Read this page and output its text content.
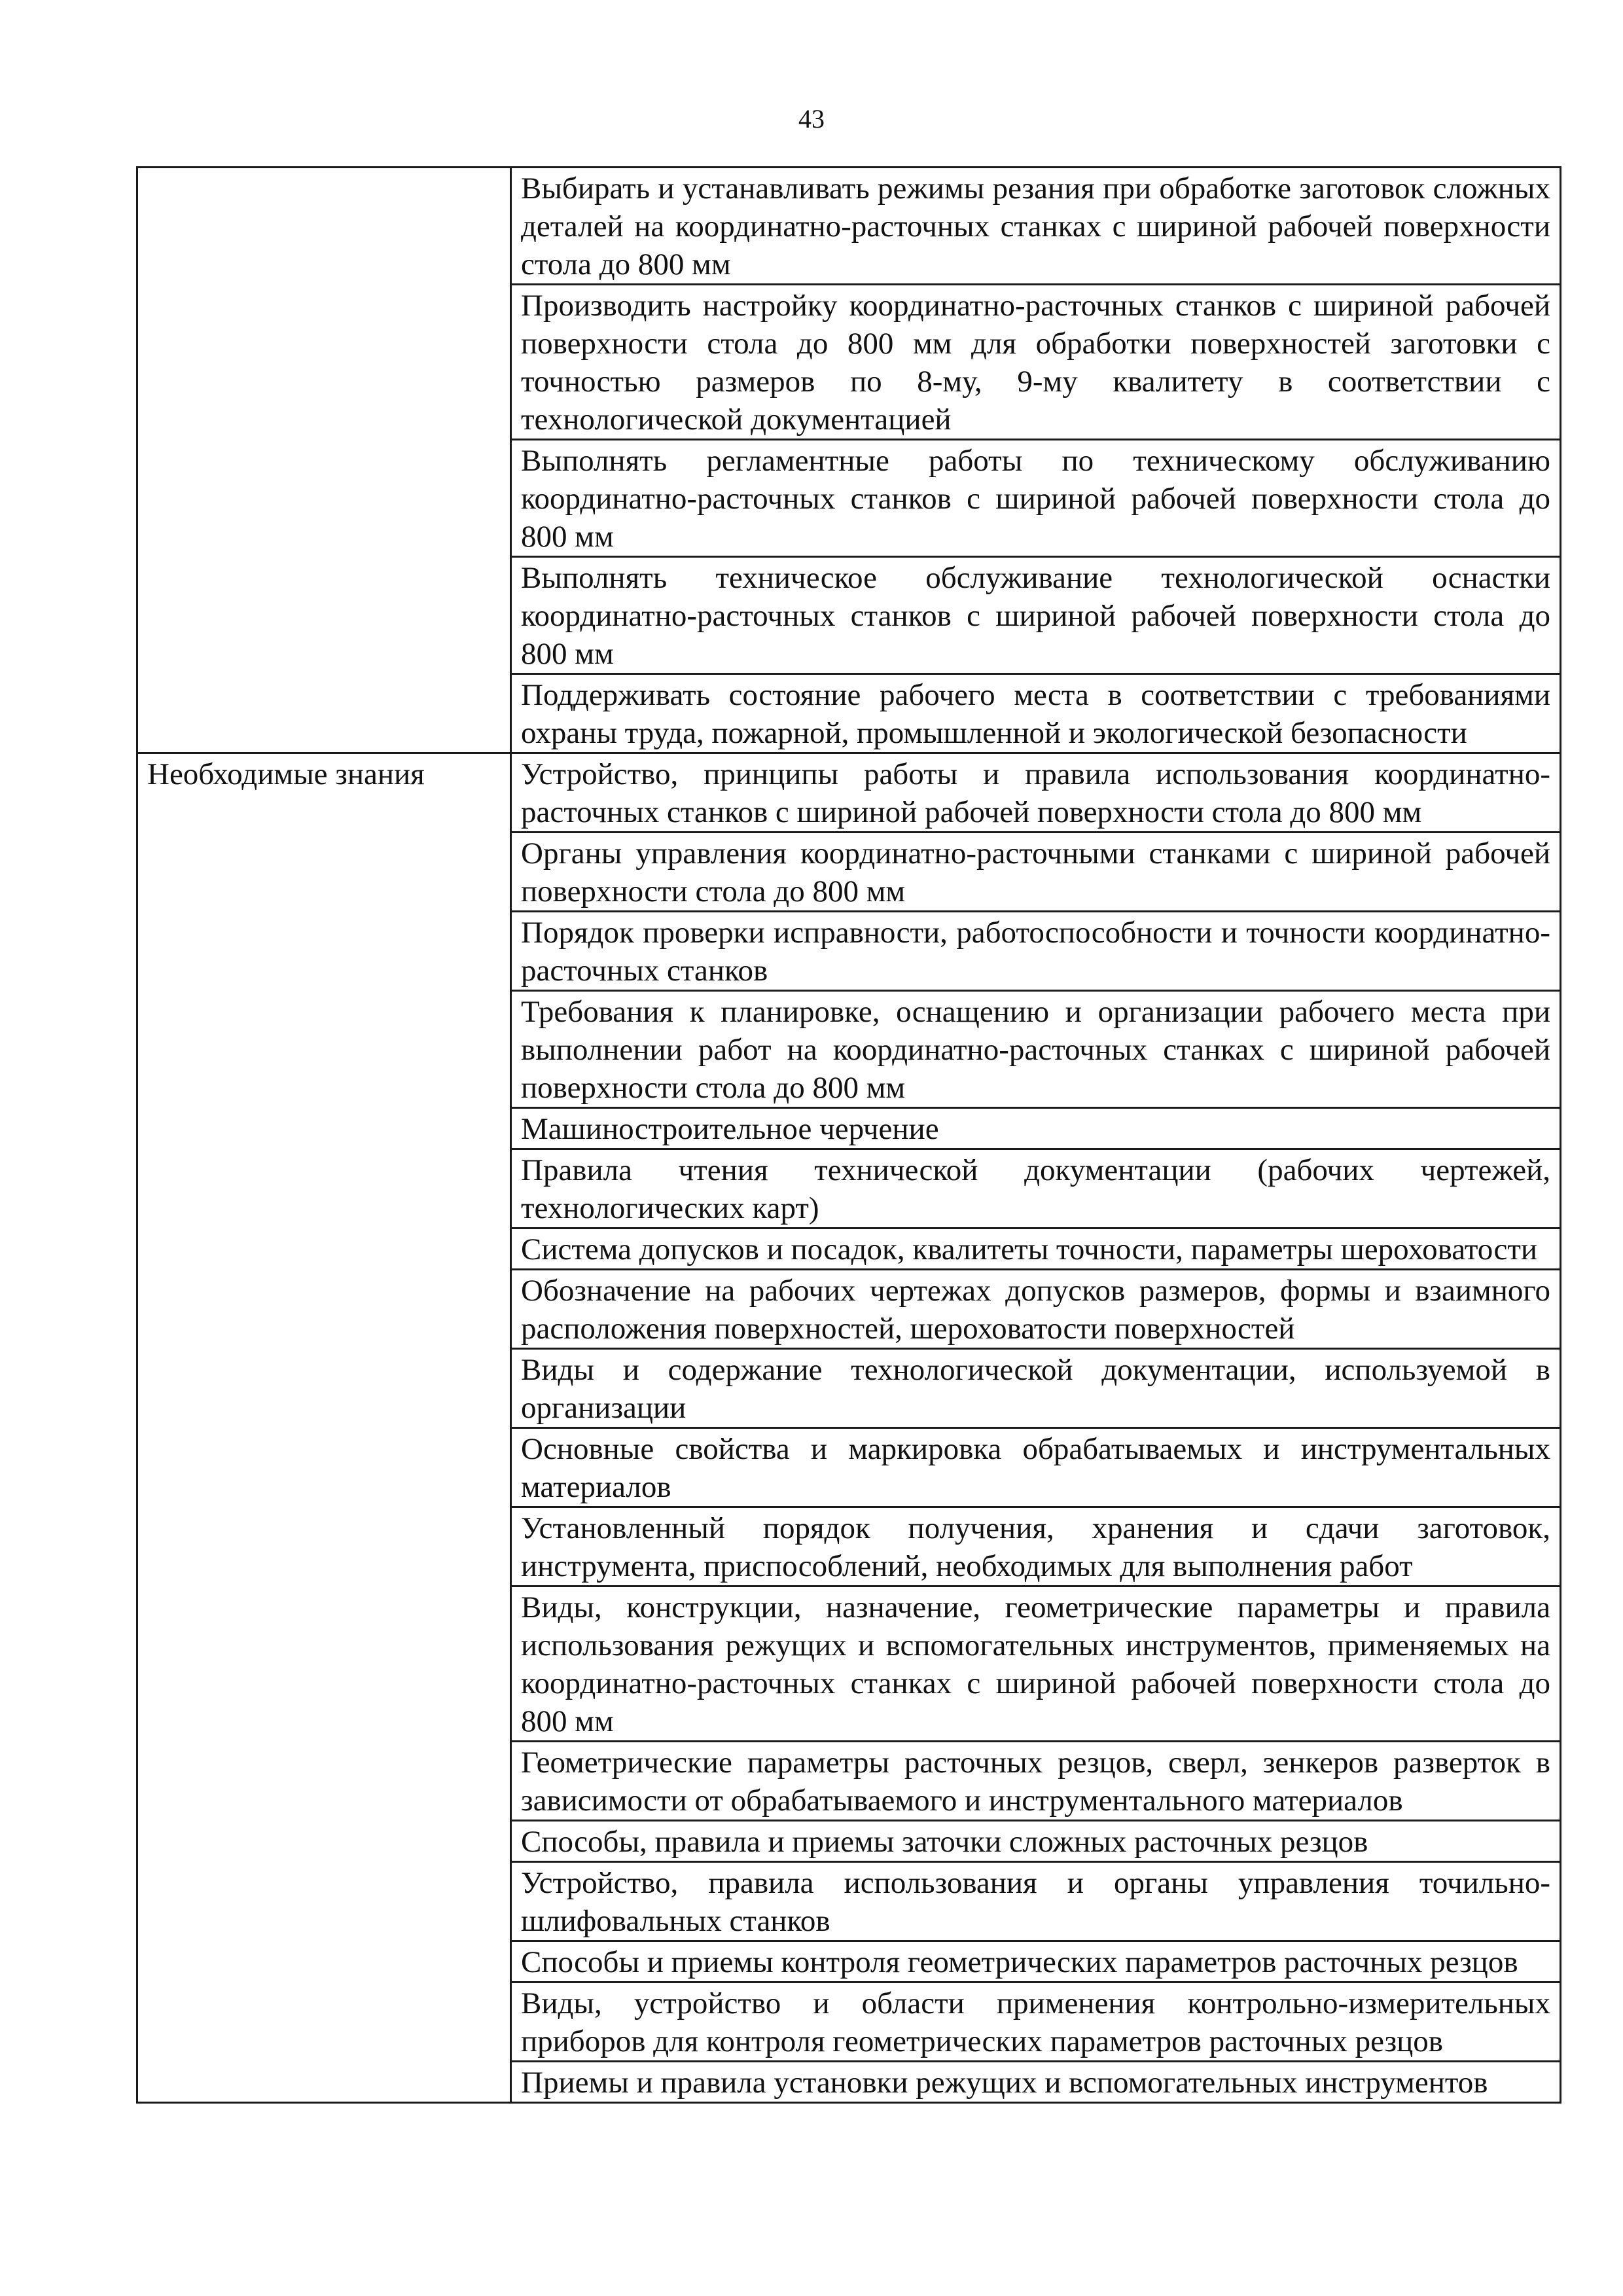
43
	Выбирать и устанавливать режимы резания при обработке заготовок сложных деталей на координатно-расточных станках с шириной рабочей поверхности стола до 800 мм
	Производить настройку координатно-расточных станков с шириной рабочей поверхности стола до 800 мм для обработки поверхностей заготовки с точностью размеров по 8-му, 9-му квалитету в соответствии с технологической документацией
	Выполнять регламентные работы по техническому обслуживанию координатно-расточных станков с шириной рабочей поверхности стола до 800 мм
	Выполнять техническое обслуживание технологической оснастки координатно-расточных станков с шириной рабочей поверхности стола до 800 мм
	Поддерживать состояние рабочего места в соответствии с требованиями охраны труда, пожарной, промышленной и экологической безопасности
Необходимые знания	Устройство, принципы работы и правила использования координатно-расточных станков с шириной рабочей поверхности стола до 800 мм
	Органы управления координатно-расточными станками с шириной рабочей поверхности стола до 800 мм
	Порядок проверки исправности, работоспособности и точности координатно-расточных станков
	Требования к планировке, оснащению и организации рабочего места при выполнении работ на координатно-расточных станках с шириной рабочей поверхности стола до 800 мм
	Машиностроительное черчение
	Правила чтения технической документации (рабочих чертежей, технологических карт)
	Система допусков и посадок, квалитеты точности, параметры шероховатости
	Обозначение на рабочих чертежах допусков размеров, формы и взаимного расположения поверхностей, шероховатости поверхностей
	Виды и содержание технологической документации, используемой в организации
	Основные свойства и маркировка обрабатываемых и инструментальных материалов
	Установленный порядок получения, хранения и сдачи заготовок, инструмента, приспособлений, необходимых для выполнения работ
	Виды, конструкции, назначение, геометрические параметры и правила использования режущих и вспомогательных инструментов, применяемых на координатно-расточных станках с шириной рабочей поверхности стола до 800 мм
	Геометрические параметры расточных резцов, сверл, зенкеров разверток в зависимости от обрабатываемого и инструментального материалов
	Способы, правила и приемы заточки сложных расточных резцов
	Устройство, правила использования и органы управления точильно-шлифовальных станков
	Способы и приемы контроля геометрических параметров расточных резцов
	Виды, устройство и области применения контрольно-измерительных приборов для контроля геометрических параметров расточных резцов
	Приемы и правила установки режущих и вспомогательных инструментов
